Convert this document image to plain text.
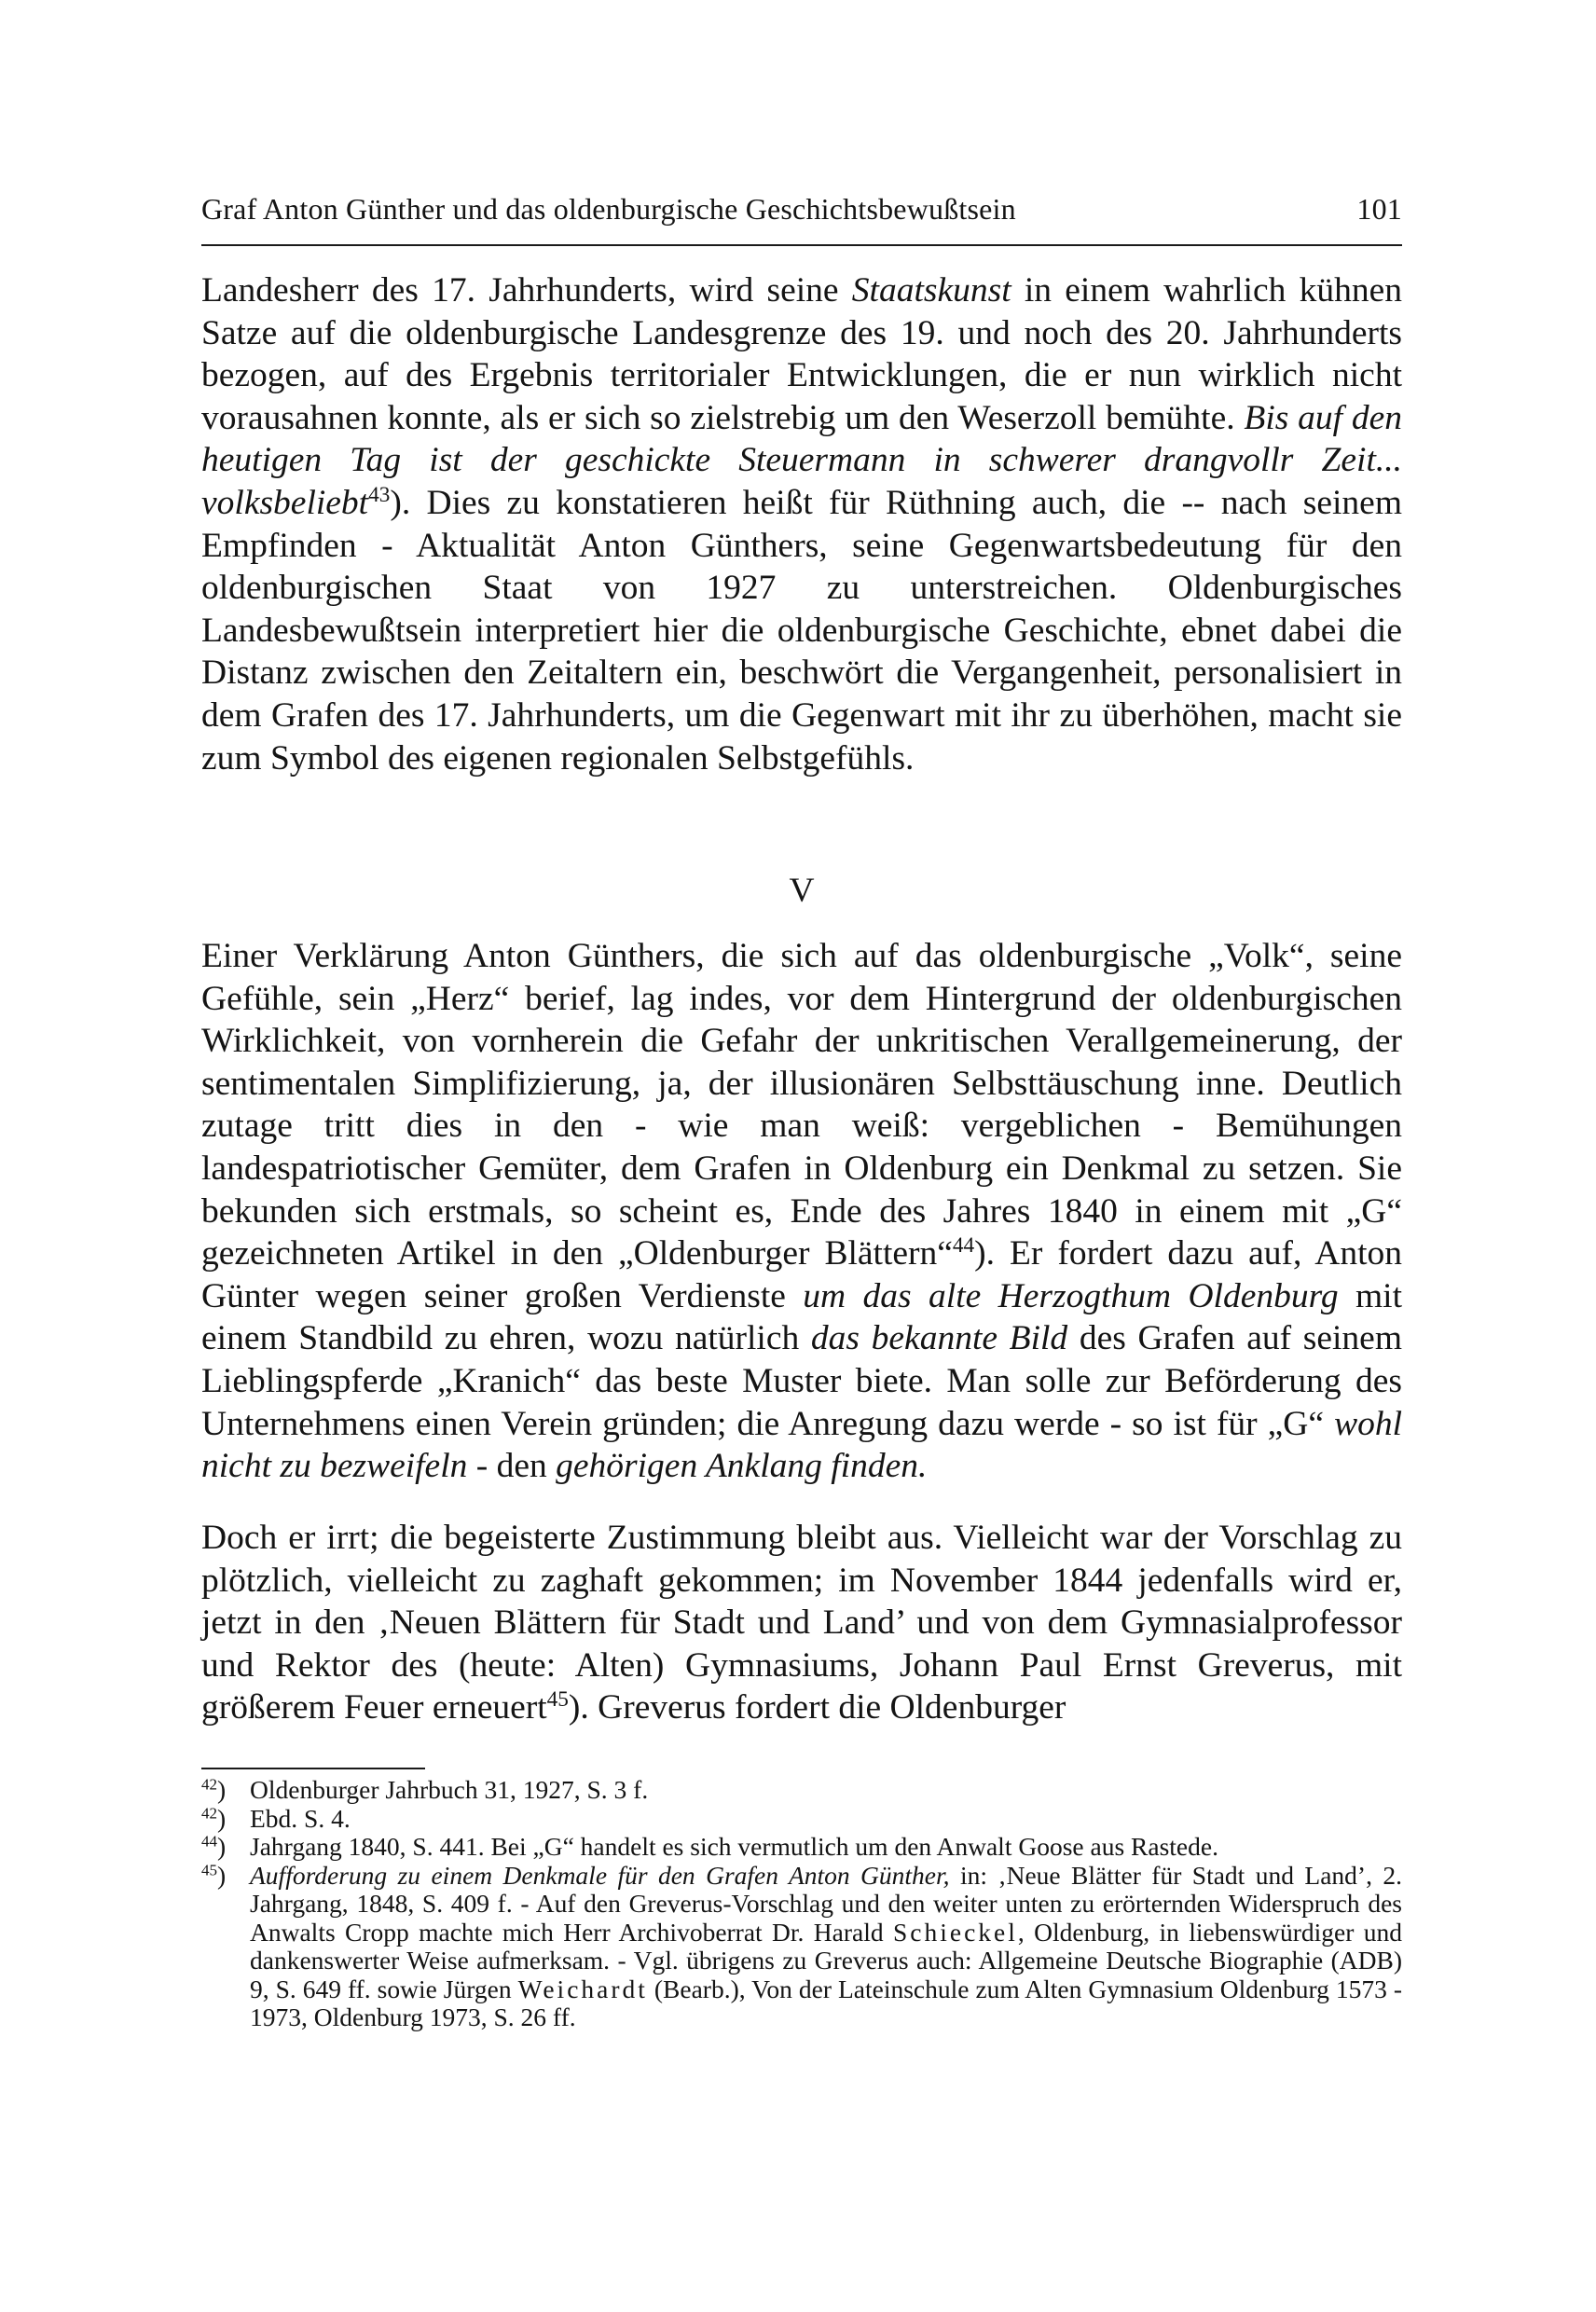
Graf Anton Günther und das oldenburgische Geschichtsbewußtsein	101

Landesherr des 17. Jahrhunderts, wird seine Staatskunst in einem wahrlich kühnen Satze auf die oldenburgische Landesgrenze des 19. und noch des 20. Jahrhunderts bezogen, auf des Ergebnis territorialer Entwicklungen, die er nun wirklich nicht vorausahnen konnte, als er sich so zielstrebig um den Weserzoll bemühte. Bis auf den heutigen Tag ist der geschickte Steuermann in schwerer drangvollr Zeit... volksbeliebt$^{43}$). Dies zu konstatieren heißt für Rüthning auch, die -- nach seinem Empfinden - Aktualität Anton Günthers, seine Gegenwartsbedeutung für den oldenburgischen Staat von 1927 zu unterstreichen. Oldenburgisches Landesbewußtsein interpretiert hier die oldenburgische Geschichte, ebnet dabei die Distanz zwischen den Zeitaltern ein, beschwört die Vergangenheit, personalisiert in dem Grafen des 17. Jahrhunderts, um die Gegenwart mit ihr zu überhöhen, macht sie zum Symbol des eigenen regionalen Selbstgefühls.

V

Einer Verklärung Anton Günthers, die sich auf das oldenburgische „Volk“, seine Gefühle, sein „Herz“ berief, lag indes, vor dem Hintergrund der oldenburgischen Wirklichkeit, von vornherein die Gefahr der unkritischen Verallgemeinerung, der sentimentalen Simplifizierung, ja, der illusionären Selbsttäuschung inne. Deutlich zutage tritt dies in den - wie man weiß: vergeblichen - Bemühungen landespatriotischer Gemüter, dem Grafen in Oldenburg ein Denkmal zu setzen. Sie bekunden sich erstmals, so scheint es, Ende des Jahres 1840 in einem mit „G“ gezeichneten Artikel in den „Oldenburger Blättern“$^{44}$). Er fordert dazu auf, Anton Günter wegen seiner großen Verdienste um das alte Herzogthum Oldenburg mit einem Standbild zu ehren, wozu natürlich das bekannte Bild des Grafen auf seinem Lieblingspferde „Kranich“ das beste Muster biete. Man solle zur Beförderung des Unternehmens einen Verein gründen; die Anregung dazu werde - so ist für „G“ wohl nicht zu bezweifeln - den gehörigen Anklang finden.

Doch er irrt; die begeisterte Zustimmung bleibt aus. Vielleicht war der Vorschlag zu plötzlich, vielleicht zu zaghaft gekommen; im November 1844 jedenfalls wird er, jetzt in den ‚Neuen Blättern für Stadt und Land’ und von dem Gymnasialprofessor und Rektor des (heute: Alten) Gymnasiums, Johann Paul Ernst Greverus, mit größerem Feuer erneuert$^{45}$). Greverus fordert die Oldenburger

$^{42}$) Oldenburger Jahrbuch 31, 1927, S. 3 f.
$^{42}$) Ebd. S. 4.
$^{44}$) Jahrgang 1840, S. 441. Bei „G“ handelt es sich vermutlich um den Anwalt Goose aus Rastede.
$^{45}$) Aufforderung zu einem Denkmale für den Grafen Anton Günther, in: ‚Neue Blätter für Stadt und Land’, 2. Jahrgang, 1848, S. 409 f. - Auf den Greverus-Vorschlag und den weiter unten zu erörternden Widerspruch des Anwalts Cropp machte mich Herr Archivoberrat Dr. Harald Schieckel, Oldenburg, in liebenswürdiger und dankenswerter Weise aufmerksam. - Vgl. übrigens zu Greverus auch: Allgemeine Deutsche Biographie (ADB) 9, S. 649 ff. sowie Jürgen Weichardt (Bearb.), Von der Lateinschule zum Alten Gymnasium Oldenburg 1573 - 1973, Oldenburg 1973, S. 26 ff.
